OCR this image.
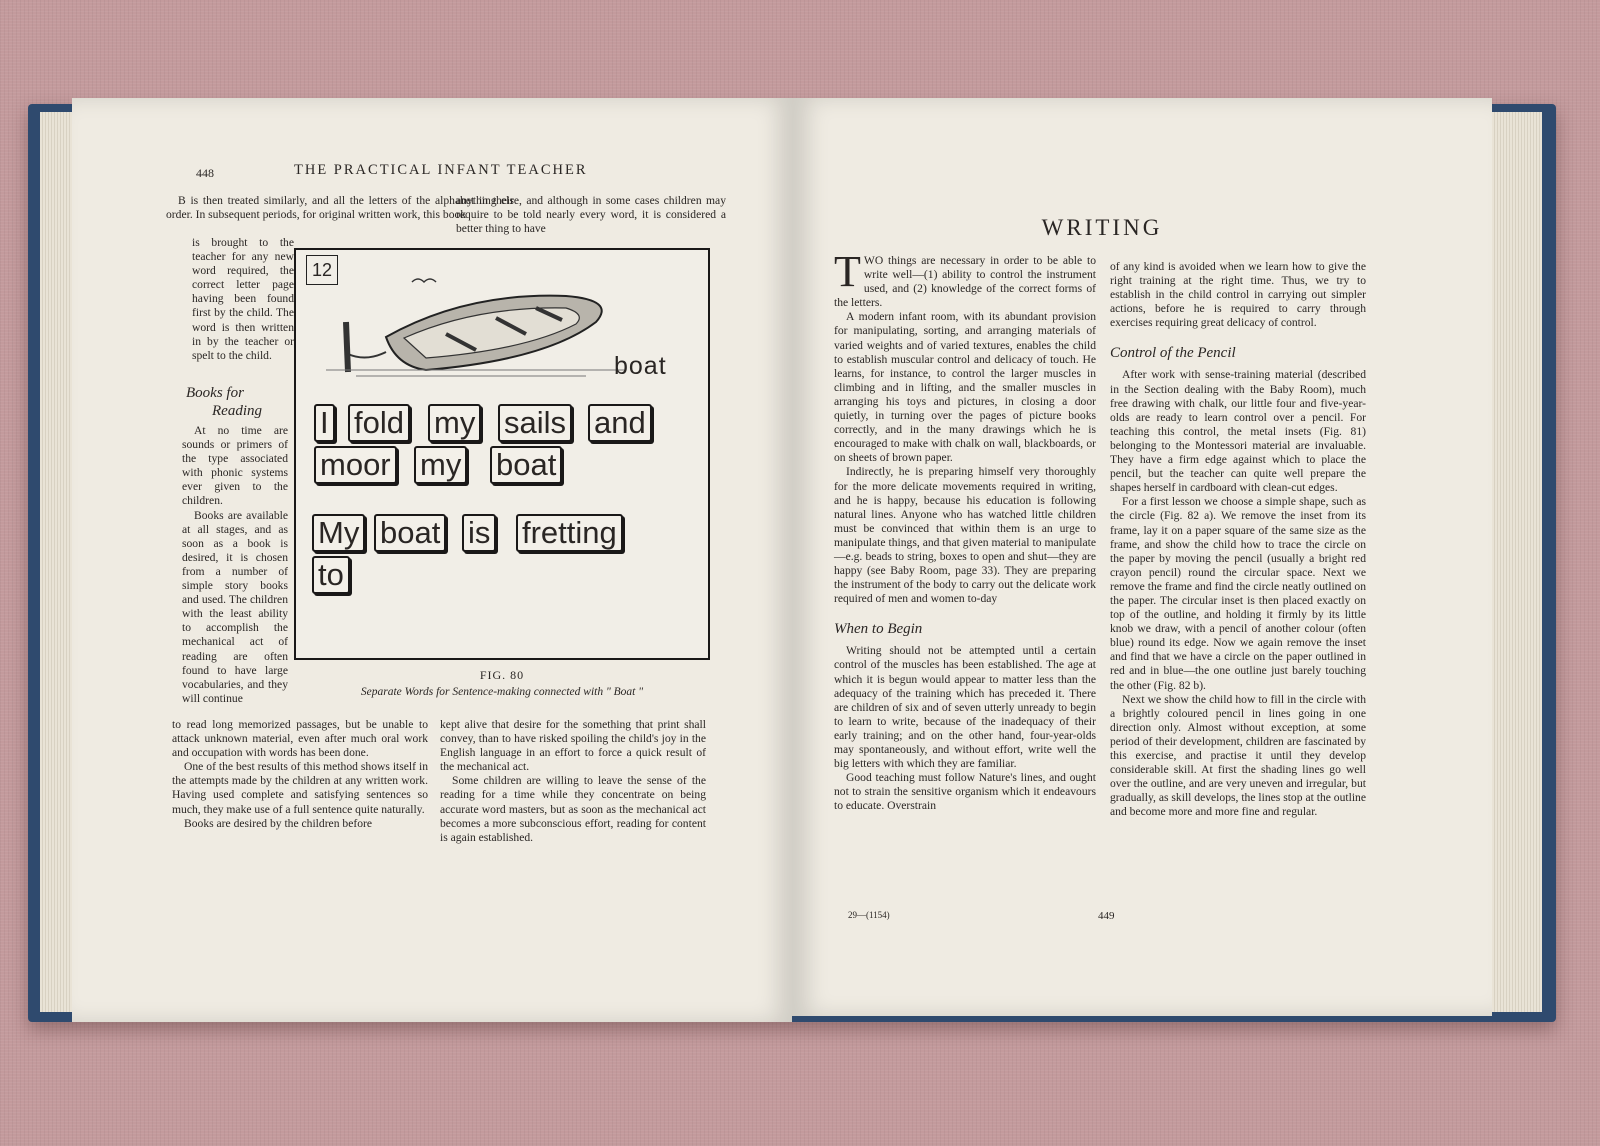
448	THE PRACTICAL INFANT TEACHER

B is then treated similarly, and all the letters of the alphabet in their order. In subsequent periods, for original written work, this book

anything else, and although in some cases children may require to be told nearly every word, it is considered a better thing to have

is brought to the teacher for any new word required, the correct letter page having been found first by the child. The word is then written in by the teacher or spelt to the child.

Books for
Reading

At no time are sounds or primers of the type associated with phonic systems ever given to the children.

Books are available at all stages, and as soon as a book is desired, it is chosen from a number of simple story books and used. The children with the least ability to accomplish the mechanical act of reading are often found to have large vocabularies, and they will continue

12
boat
I fold my sails and
moor my boat
My boat is fretting
to
FIG. 80
Separate Words for Sentence-making connected with " Boat "

to read long memorized passages, but be unable to attack unknown material, even after much oral work and occupation with words has been done.

One of the best results of this method shows itself in the attempts made by the children at any written work. Having used complete and satisfying sentences so much, they make use of a full sentence quite naturally.

Books are desired by the children before

kept alive that desire for the something that print shall convey, than to have risked spoiling the child's joy in the English language in an effort to force a quick result of the mechanical act.

Some children are willing to leave the sense of the reading for a time while they concentrate on being accurate word masters, but as soon as the mechanical act becomes a more subconscious effort, reading for content is again established.

WRITING

TWO things are necessary in order to be able to write well—(1) ability to control the instrument used, and (2) knowledge of the correct forms of the letters.

A modern infant room, with its abundant provision for manipulating, sorting, and arranging materials of varied weights and of varied textures, enables the child to establish muscular control and delicacy of touch. He learns, for instance, to control the larger muscles in climbing and in lifting, and the smaller muscles in arranging his toys and pictures, in closing a door quietly, in turning over the pages of picture books correctly, and in the many drawings which he is encouraged to make with chalk on wall, blackboards, or on sheets of brown paper.

Indirectly, he is preparing himself very thoroughly for the more delicate movements required in writing, and he is happy, because his education is following natural lines. Anyone who has watched little children must be convinced that within them is an urge to manipulate things, and that given material to manipulate—e.g. beads to string, boxes to open and shut—they are happy (see Baby Room, page 33). They are preparing the instrument of the body to carry out the delicate work required of men and women to-day

When to Begin

Writing should not be attempted until a certain control of the muscles has been established. The age at which it is begun would appear to matter less than the adequacy of the training which has preceded it. There are children of six and of seven utterly unready to begin to learn to write, because of the inadequacy of their early training; and on the other hand, four-year-olds may spontaneously, and without effort, write well the big letters with which they are familiar.

Good teaching must follow Nature's lines, and ought not to strain the sensitive organism which it endeavours to educate. Overstrain

of any kind is avoided when we learn how to give the right training at the right time. Thus, we try to establish in the child control in carrying out simpler actions, before he is required to carry through exercises requiring great delicacy of control.

Control of the Pencil

After work with sense-training material (described in the Section dealing with the Baby Room), much free drawing with chalk, our little four and five-year-olds are ready to learn control over a pencil. For teaching this control, the metal insets (Fig. 81) belonging to the Montessori material are invaluable. They have a firm edge against which to place the pencil, but the teacher can quite well prepare the shapes herself in cardboard with clean-cut edges.

For a first lesson we choose a simple shape, such as the circle (Fig. 82 a). We remove the inset from its frame, lay it on a paper square of the same size as the frame, and show the child how to trace the circle on the paper by moving the pencil (usually a bright red crayon pencil) round the circular space. Next we remove the frame and find the circle neatly outlined on the paper. The circular inset is then placed exactly on top of the outline, and holding it firmly by its little knob we draw, with a pencil of another colour (often blue) round its edge. Now we again remove the inset and find that we have a circle on the paper outlined in red and in blue—the one outline just barely touching the other (Fig. 82 b).

Next we show the child how to fill in the circle with a brightly coloured pencil in lines going in one direction only. Almost without exception, at some period of their development, children are fascinated by this exercise, and practise it until they develop considerable skill. At first the shading lines go well over the outline, and are very uneven and irregular, but gradually, as skill develops, the lines stop at the outline and become more and more fine and regular.

29—(1154)	449
